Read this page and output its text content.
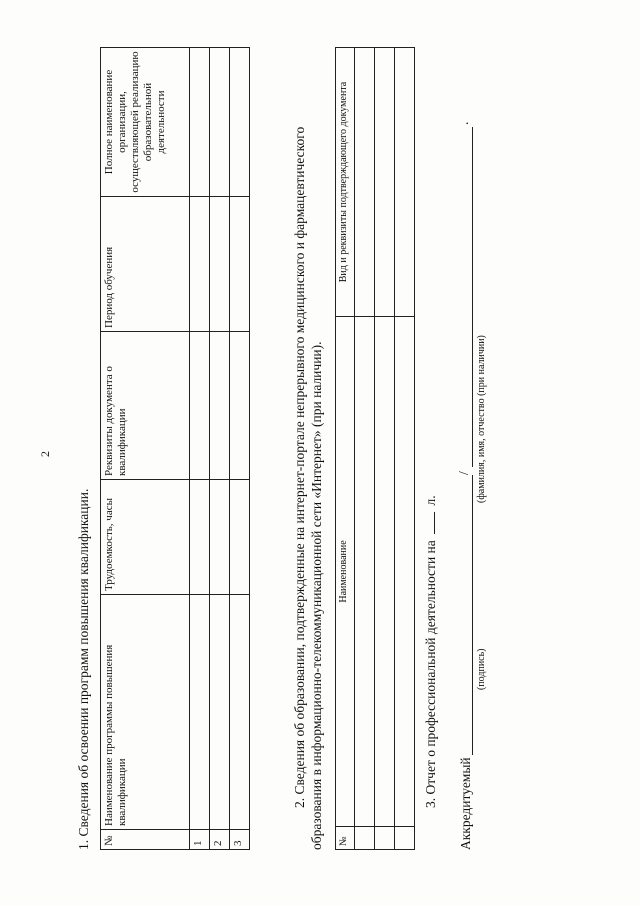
2
1. Сведения об освоении программ повышения квалификации. №	Наименование программы повышения квалификации	Трудоемкость, часы	Реквизиты документа о квалификации	Период обучения	Полное наименование организации, осуществляющей реализацию образовательной деятельности
1					
2					
3					
2. Сведения об образовании, подтвержденные на интернет-портале непрерывного медицинского и фармацевтического образования в информационно-телекоммуникационной сети «Интернет» (при наличии). №	Наименование	Вид и реквизиты подтверждающего документа

3. Отчет о профессиональной деятельности на  л.
Аккредитуемый
/
.
(подпись)
(фамилия, имя, отчество (при наличии)
